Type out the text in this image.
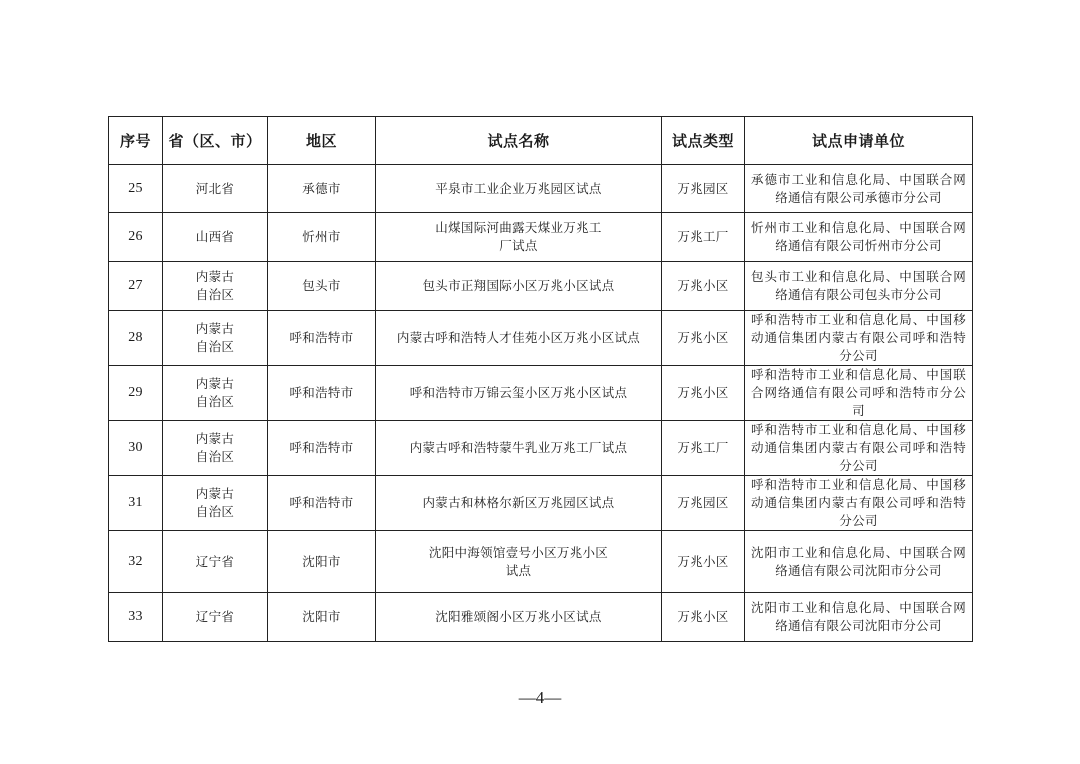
序号	省（区、市）	地区	试点名称	试点类型	试点申请单位
25	河北省	承德市	平泉市工业企业万兆园区试点	万兆园区	承德市工业和信息化局、中国联合网络通信有限公司承德市分公司
26	山西省	忻州市	山煤国际河曲露天煤业万兆工厂试点	万兆工厂	忻州市工业和信息化局、中国联合网络通信有限公司忻州市分公司
27	内蒙古自治区	包头市	包头市正翔国际小区万兆小区试点	万兆小区	包头市工业和信息化局、中国联合网络通信有限公司包头市分公司
28	内蒙古自治区	呼和浩特市	内蒙古呼和浩特人才佳苑小区万兆小区试点	万兆小区	呼和浩特市工业和信息化局、中国移动通信集团内蒙古有限公司呼和浩特分公司
29	内蒙古自治区	呼和浩特市	呼和浩特市万锦云玺小区万兆小区试点	万兆小区	呼和浩特市工业和信息化局、中国联合网络通信有限公司呼和浩特市分公司
30	内蒙古自治区	呼和浩特市	内蒙古呼和浩特蒙牛乳业万兆工厂试点	万兆工厂	呼和浩特市工业和信息化局、中国移动通信集团内蒙古有限公司呼和浩特分公司
31	内蒙古自治区	呼和浩特市	内蒙古和林格尔新区万兆园区试点	万兆园区	呼和浩特市工业和信息化局、中国移动通信集团内蒙古有限公司呼和浩特分公司
32	辽宁省	沈阳市	沈阳中海领馆壹号小区万兆小区试点	万兆小区	沈阳市工业和信息化局、中国联合网络通信有限公司沈阳市分公司
33	辽宁省	沈阳市	沈阳雅颂阁小区万兆小区试点	万兆小区	沈阳市工业和信息化局、中国联合网络通信有限公司沈阳市分公司
—4—
